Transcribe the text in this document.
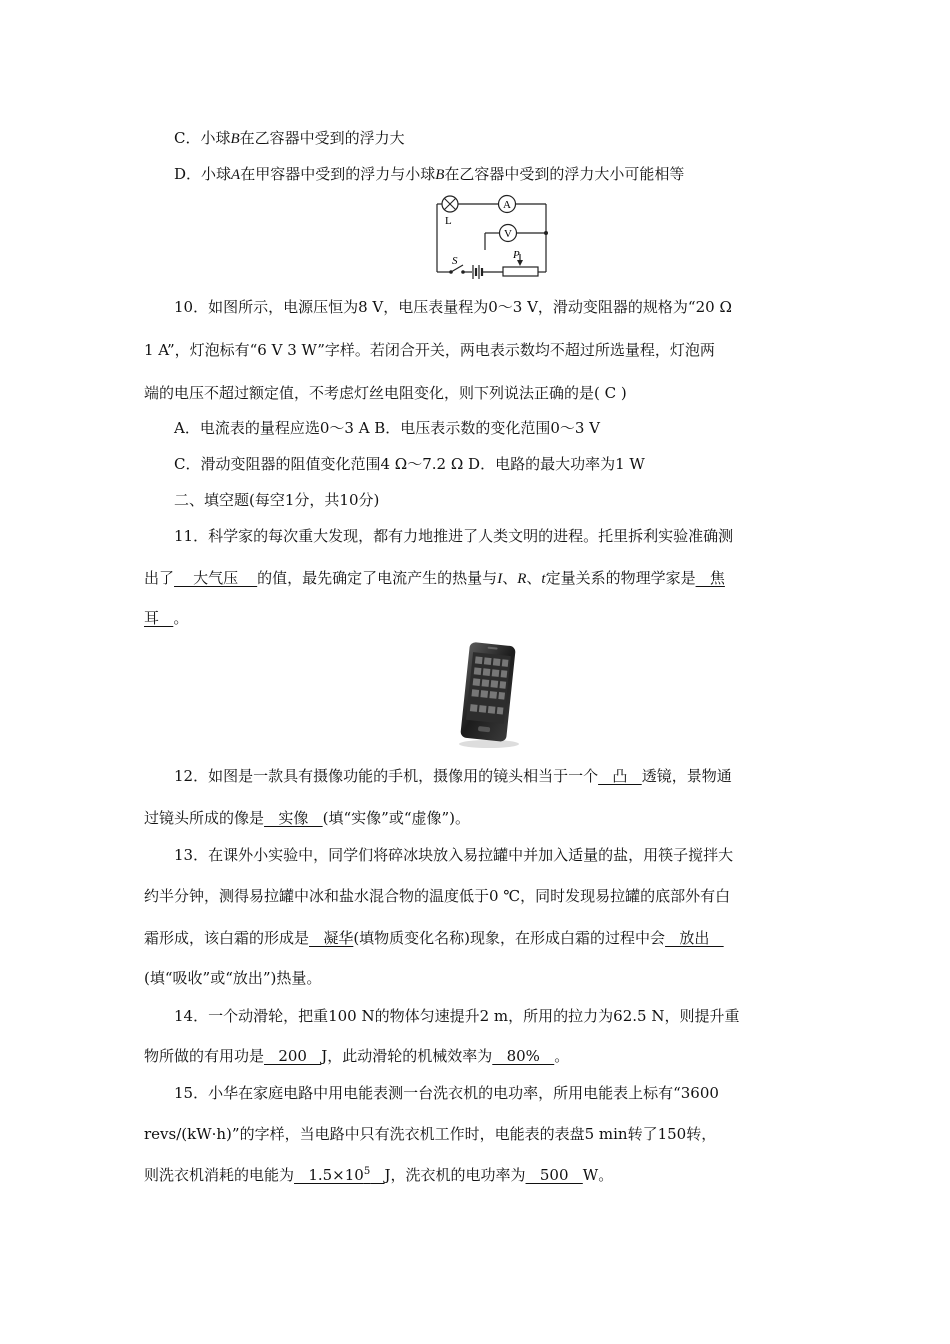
C．小球B在乙容器中受到的浮力大
D．小球A在甲容器中受到的浮力与小球B在乙容器中受到的浮力大小可能相等
L
A
V
S	P
10．如图所示，电源压恒为8 V，电压表量程为0～3 V，滑动变阻器的规格为“20 Ω
1 A”，灯泡标有“6 V 3 W”字样。若闭合开关，两电表示数均不超过所选量程，灯泡两
端的电压不超过额定值，不考虑灯丝电阻变化，则下列说法正确的是( C )
A．电流表的量程应选0～3 A B．电压表示数的变化范围0～3 V
C．滑动变阻器的阻值变化范围4 Ω～7.2 Ω D．电路的最大功率为1 W
二、填空题(每空1分，共10分)
11．科学家的每次重大发现，都有力地推进了人类文明的进程。托里拆利实验准确测
出了    大气压    的值，最先确定了电流产生的热量与I、R、t定量关系的物理学家是   焦
耳   。
12．如图是一款具有摄像功能的手机，摄像用的镜头相当于一个   凸   透镜，景物通
过镜头所成的像是   实像   (填“实像”或“虚像”)。
13．在课外小实验中，同学们将碎冰块放入易拉罐中并加入适量的盐，用筷子搅拌大
约半分钟，测得易拉罐中冰和盐水混合物的温度低于0 ℃，同时发现易拉罐的底部外有白
霜形成，该白霜的形成是   凝华(填物质变化名称)现象，在形成白霜的过程中会   放出
(填“吸收”或“放出”)热量。
14．一个动滑轮，把重100 N的物体匀速提升2 m，所用的拉力为62.5 N，则提升重
物所做的有用功是   200   J，此动滑轮的机械效率为   80%   。
15．小华在家庭电路中用电能表测一台洗衣机的电功率，所用电能表上标有“3600
revs/(kW·h)”的字样，当电路中只有洗衣机工作时，电能表的表盘5 min转了150转，
则洗衣机消耗的电能为   $1.5\times 10^5$ J，洗衣机的电功率为   500   W。
